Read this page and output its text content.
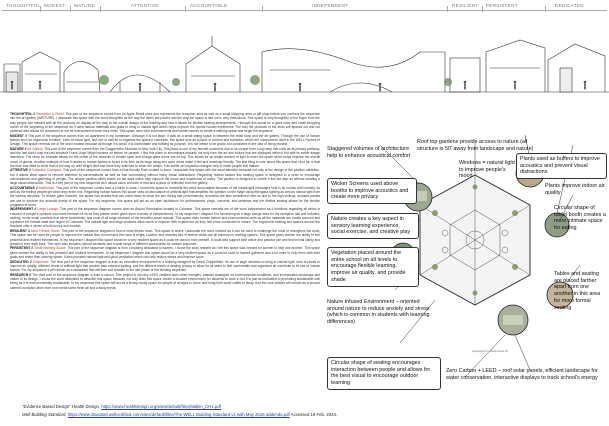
THOUGHTFUL MODEST MATURE	ATTENTIVE	ACCOUNTABLE	INDEPENDENT	RESILIENT PERSISTENT	DEDICATED

THOUGHTFUL // Reception & Relief: This part of the sequence comes from an Apple Retail store and represents the reception area as well as a small shopping area or gift shop before you continue the sequence into the art gallery (WRITURE). I associate this space with the word thoughtful as the way the items are placed and the way the space is laid out is very meticulous. This space is very thoughtful of the buyer from the way people can interact with all the products on display all the way to the overall design of the building and how it allows for flexible seating arrangements. I thought this would be a good entry and small shopping center of the beginning of the sequence as it uses natural materials and glass to bring in natural light which helps improve the overall human experience. The way the products of the store are spaced out and not cluttered also allows for customers to not be overwhelmed when they enter. This space uses both environmental and human factors to create a calming space and begin the sequence.

MODEST // This part of the sequence comes from an apartment in my hometown. Although it is not large, it acts as a small sitting space in between the retail shop and the art gallery. Through the use of human factors such as ergonomic furniture, even at visual light, and use of wall art to organize the space it succeeds, this space acts as a place of comfort and transition, which are components used in the WELL Factors of Design. This space reminds me of the word modest because all though it is small, it is comfortable and fulfilling its purpose. It is not meant to be grand, but consistent in the idea of being modest.

MATURE // Art Gallery: This part of the sequence comes from the Guggenheim Museum in New York City. This place is one of my favorite museums due to its unique form, long ramp that curls as its primary pathway, and the fact that it was the last structure Frank Lloyd Wright worked on before he passed. I find this place to encompass maturity not only from the art and culture that are displayed within it but with its subtle design intentions. The ramp for example allows for the center of the museum to remain open and a large glass dome sits on top. This allows for an ample amount of light to enter the space which helps improve the overall mood of guests. Another example of how it relates to human factors is found in its form as its large rising and open views make it feel and handicap friendly. The last thing to note about this space that I find fun is that the floor was tilted to circle that of the way up until Wright died and there they switched to lower the ramps. This subtle yet impactful changes help to make people feel mature.

ATTENTIVE // Collective Courtyard: This part of the sequence comes from a final friendly Park located in town. I associate this space with the word attentive because not only is the design of the pavilion attractive, but it allows ideal space to remove attention to conversations as well as that surrounding without many visual distractions. Regarding human factors this seating space is designed in a circle to encourage conversations and gathering of people. The unique pavilion offers shade on hot days which help improve the mood and experience of users. The pavilion is designed to create a link but also so without creating a large visual obstruction. This is a key part of my new sequence as it allows users a breath of rest and a place of reflection from the gallery.

ACCOUNTABLE // Auditorium: This part of the sequence comes from a church in Iowa. I found this space to resemble the word accountable because of the meaningful messages held in its murals and honesty, as well as the feeling people get when they enter one. Regarding human factors this space uses an abundance of artificial light that amplifies the speaker on the stage using fiberglass lighting as well as natural light from the various windows. To reduce glare however, the space has shades that can come down to block the sun during late performances. Acoustics are also considered here as due to the high ceilings, acoustic panels are use to improve the acoustic trueity of the space. For my sequence, this space will act as an open auditorium for performances, plays, concerts, and seminars and the flexible seating allows for the flexible programs to occur.

INDEPENDENT // Large Lounge: This part of the sequence diagram comes from an Airport Renovation located in Colorado. This space reminds me of the word independent as it functions regarding all which is ensured of people's opinions who have freedom to do as they please which gives them a sense of independence. In my sequence I diagram it is functioning as a large lounge area for the reception hall and includes, seating, some small counters that serve food/drinks, and most of all large windows of the beautiful areas outside. This space uses human factors and environmental ones as all the materials are locally sourced and represent the natural state and region of Colorado. The natural light and large windows allow users to improve their experience as they feel more connected to nature. The ergonomic seating and spaces around the fireplace offer a sense of both luxury and comfort.

RESILIENT // Mind Fitness Room: This part of the sequence diagram is from a mind fitness room. This space is where I associate the word resilient as it can be used to challenge the mind or strengthen the body. This space can be used for people to improve the natural flow of mind and the room is bright, colorful, and includes lots of texture which are all common in working spaces. This space gives women the ability to feel peaceful and resilient themselves. In my sequence I diagram this space would be a very resilient space as it could be used to train oneself. It could also support both active and passive use and find mental clarity and growth in their daily lives. The room also includes natural elements and a wide range of different accessories for various purposes.

PERSISTENT // Small Working Space: This part of the sequence diagram is from a building dedicated to women. I chose the word resilient as I felt this space was needed for women to help one another. This space gives women the ability to feel peaceful and resilient themselves. In my sequence I diagram this space would be a very resilient space as it could be used to trained gathered and a lot more to help them with their goals and share their working space. It also provides natural light and good ventilation which can help reduce stress and improve focus.

DEDICATED // Classroom: The final part of the sequence diagram is from an innovative environment in a building designed by David Chipperfield. Its use of large windows to bring in natural light, tons of plants to improve air quality, different levels of artificial light that provide task-oriented lighting, and the different levels of seating privacy to allow for all users to feel comfortable and organized all contribute to its use of human factors. For my sequence it will remain as a restaurant that will then suit suitable to the last phase of the building sequence.

RESEARCH // The third part of the sequence diagram is from a school. This project is not only LEED certified uses clean energies, passive strategies for environmental conditions, and incorporates landscape and nature in its design. I chose the word dedicated to describe this space because not only does this space create a focused environment for students to work in but it is just as dedicated to promoting sustainable well being as it is environmentally sustainable. In my sequence this space will act as a library/ study space for people of all ages to come and bring their work/ coffee to study. And the rose outside will remain as a second catered courtyard when ever one needs some fresh air and a study break.

Staggered volumes of architecture help to enhance acoustical comfort
Roof top gardens provide access to nature (all structure is 50' away from landscape and nature)
Plants used as buffers to improve acoustics and prevent visual distractions
Windows = natural light to improve people's mood
Plants improve indoor air quality
Wicker Screens used above booths to improve acoustics and create more privacy
Circular shape of table/ booth creates a more intimate space for eating
Nature creates a key aspect in sensory learning experience, social exercise, and creative play
Vegetation placed around the entire school on all levels to encourage flexible learning, improve air quality, and provide shade
Tables and seating are placed farther apart from one another in this area for more formal seating
Nature Infused Environment – oriented around nature to reduce anxiety and stress (which is common in students with learning differences)
Assignment 3 + Assignment 10
Circular shape of seating encourages interaction between people and allows for the best visual to encourage outdoor learning
Zero Carbon + LEED – roof solar panels, efficient landscape for water conservation, interactive displays to track school's energy
"Evidence Based Design" Health Design, https://www.healthdesign.org/sites/default/files/Malkin_CH1.pdf
Well Building Standard, https://www.standard.wellcertified.com/sites/default/files/The WELL Building Standard v1 with May 2016 addenda.pdf Accessed 19 Feb. 2024.
